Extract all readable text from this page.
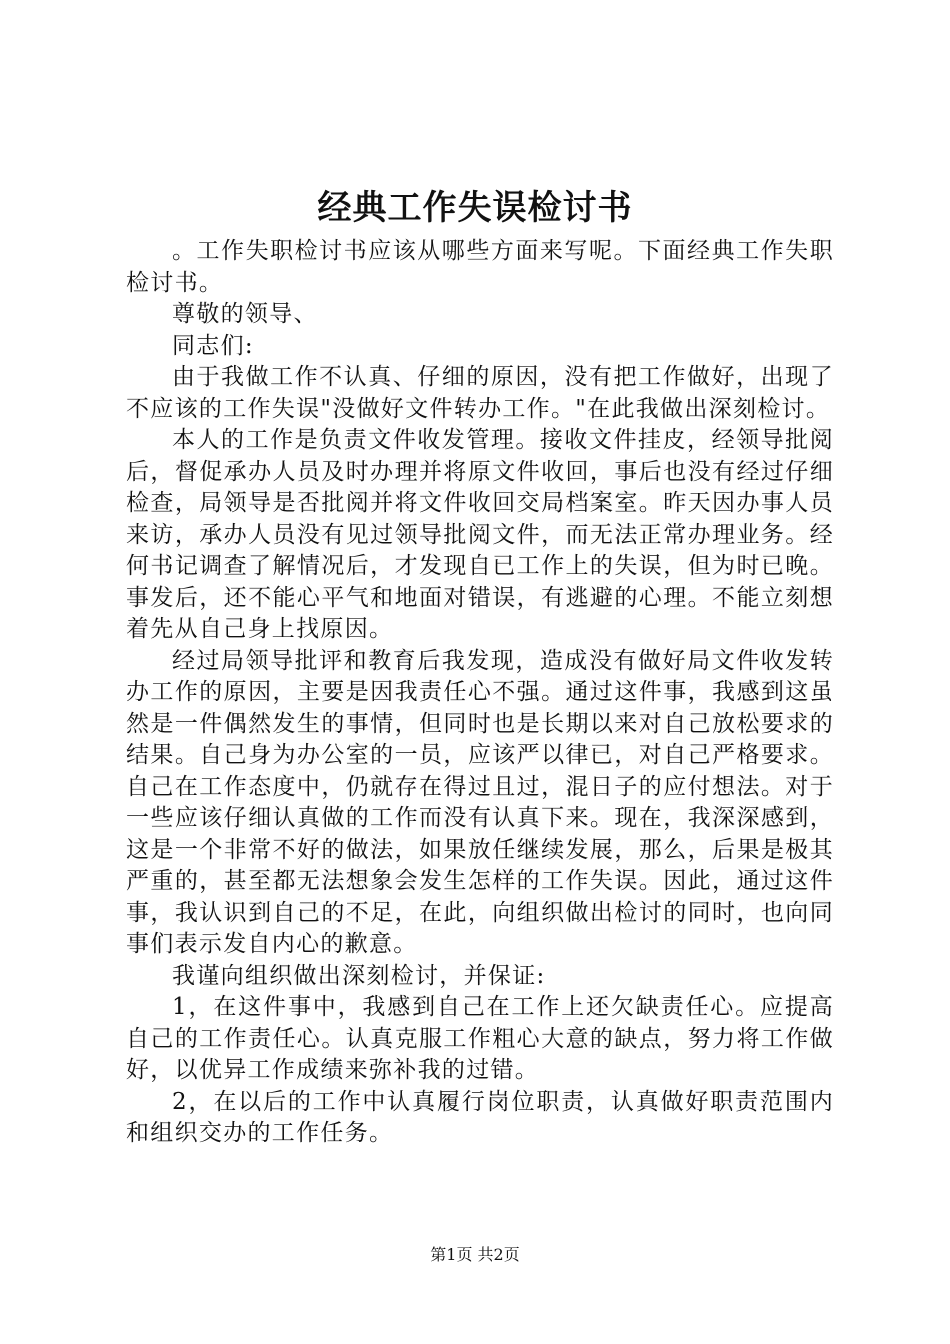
经典工作失误检讨书

。工作失职检讨书应该从哪些方面来写呢。下面经典工作失职检讨书。

尊敬的领导、

同志们:

由于我做工作不认真、仔细的原因，没有把工作做好，出现了不应该的工作失误"没做好文件转办工作。"在此我做出深刻检讨。

本人的工作是负责文件收发管理。接收文件挂皮，经领导批阅后，督促承办人员及时办理并将原文件收回，事后也没有经过仔细检查，局领导是否批阅并将文件收回交局档案室。昨天因办事人员来访，承办人员没有见过领导批阅文件，而无法正常办理业务。经何书记调查了解情况后，才发现自已工作上的失误，但为时已晚。事发后，还不能心平气和地面对错误，有逃避的心理。不能立刻想着先从自己身上找原因。

经过局领导批评和教育后我发现，造成没有做好局文件收发转办工作的原因，主要是因我责任心不强。通过这件事，我感到这虽然是一件偶然发生的事情，但同时也是长期以来对自己放松要求的结果。自己身为办公室的一员，应该严以律已，对自己严格要求。自己在工作态度中，仍就存在得过且过，混日子的应付想法。对于一些应该仔细认真做的工作而没有认真下来。现在，我深深感到，这是一个非常不好的做法，如果放任继续发展，那么，后果是极其严重的，甚至都无法想象会发生怎样的工作失误。因此，通过这件事，我认识到自己的不足，在此，向组织做出检讨的同时，也向同事们表示发自内心的歉意。

我谨向组织做出深刻检讨，并保证:

1，在这件事中，我感到自己在工作上还欠缺责任心。应提高自己的工作责任心。认真克服工作粗心大意的缺点，努力将工作做好，以优异工作成绩来弥补我的过错。

2，在以后的工作中认真履行岗位职责，认真做好职责范围内和组织交办的工作任务。

第1页 共2页
